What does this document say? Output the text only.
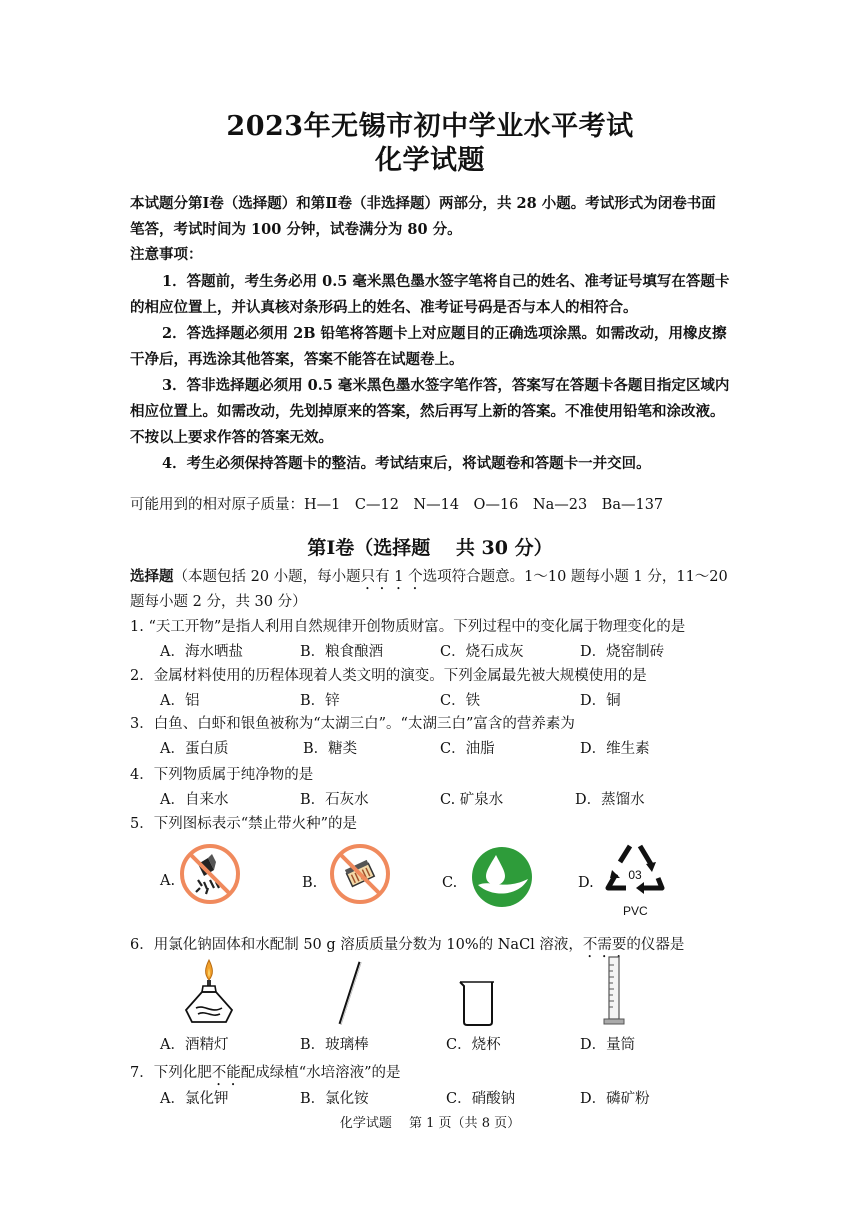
2023年无锡市初中学业水平考试
化学试题
本试题分第Ⅰ卷（选择题）和第Ⅱ卷（非选择题）两部分，共 28 小题。考试形式为闭卷书面笔答，考试时间为 100 分钟，试卷满分为 80 分。
注意事项：
1．答题前，考生务必用 0.5 毫米黑色墨水签字笔将自己的姓名、准考证号填写在答题卡的相应位置上，并认真核对条形码上的姓名、准考证号码是否与本人的相符合。
2．答选择题必须用 2B 铅笔将答题卡上对应题目的正确选项涂黑。如需改动，用橡皮擦干净后，再选涂其他答案，答案不能答在试题卷上。
3．答非选择题必须用 0.5 毫米黑色墨水签字笔作答，答案写在答题卡各题目指定区域内相应位置上。如需改动，先划掉原来的答案，然后再写上新的答案。不准使用铅笔和涂改液。不按以上要求作答的答案无效。
4．考生必须保持答题卡的整洁。考试结束后，将试题卷和答题卡一并交回。
可能用到的相对原子质量：H—1　C—12　N—14　O—16　Na—23　Ba—137
第Ⅰ卷（选择题　 共 30 分）
选择题（本题包括 20 小题，每小题只有 1 个选项符合题意。1～10 题每小题 1 分，11～20
题每小题 2 分，共 30 分）
1. “天工开物”是指人利用自然规律开创物质财富。下列过程中的变化属于物理变化的是
A．海水晒盐	B．粮食酿酒	C．烧石成灰	D．烧窑制砖
2．金属材料使用的历程体现着人类文明的演变。下列金属最先被大规模使用的是
A．铝	B．锌	C．铁	D．铜
3．白鱼、白虾和银鱼被称为“太湖三白”。“太湖三白”富含的营养素为
A．蛋白质	B．糖类	C．油脂	D．维生素
4．下列物质属于纯净物的是
A．自来水	B．石灰水	C. 矿泉水	D．蒸馏水
5．下列图标表示“禁止带火种”的是
A.	B.	C.	D.	03
PVC
6．用氯化钠固体和水配制 50 g 溶质质量分数为 10%的 NaCl 溶液，不需要的仪器是
A．酒精灯	B．玻璃棒	C．烧杯	D．量筒
7．下列化肥不能配成绿植“水培溶液”的是
A．氯化钾	B．氯化铵	C．硝酸钠	D．磷矿粉
化学试题　 第 1 页（共 8 页）
